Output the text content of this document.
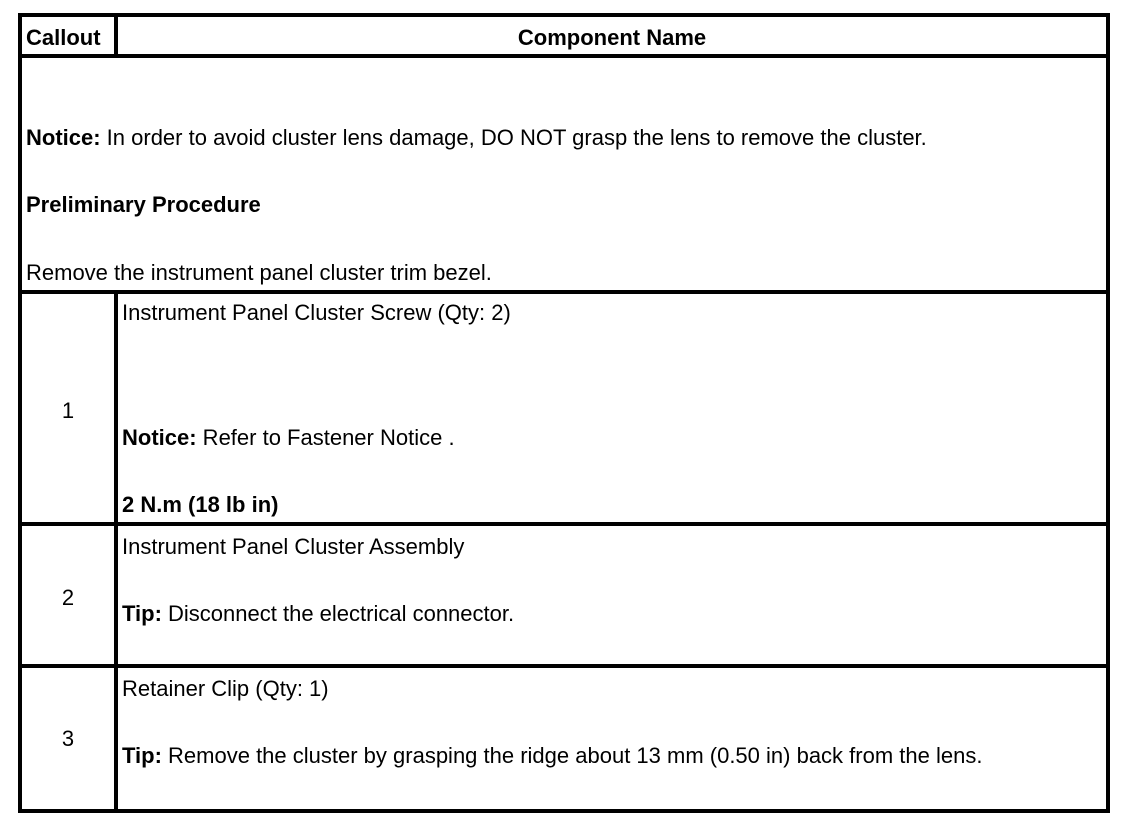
Callout	Component Name
Notice: In order to avoid cluster lens damage, DO NOT grasp the lens to remove the cluster.
Preliminary Procedure
Remove the instrument panel cluster trim bezel.
1
Instrument Panel Cluster Screw (Qty: 2)
Notice: Refer to Fastener Notice .
2 N.m (18 lb in)
2
Instrument Panel Cluster Assembly
Tip: Disconnect the electrical connector.
3
Retainer Clip (Qty: 1)
Tip: Remove the cluster by grasping the ridge about 13 mm (0.50 in) back from the lens.
